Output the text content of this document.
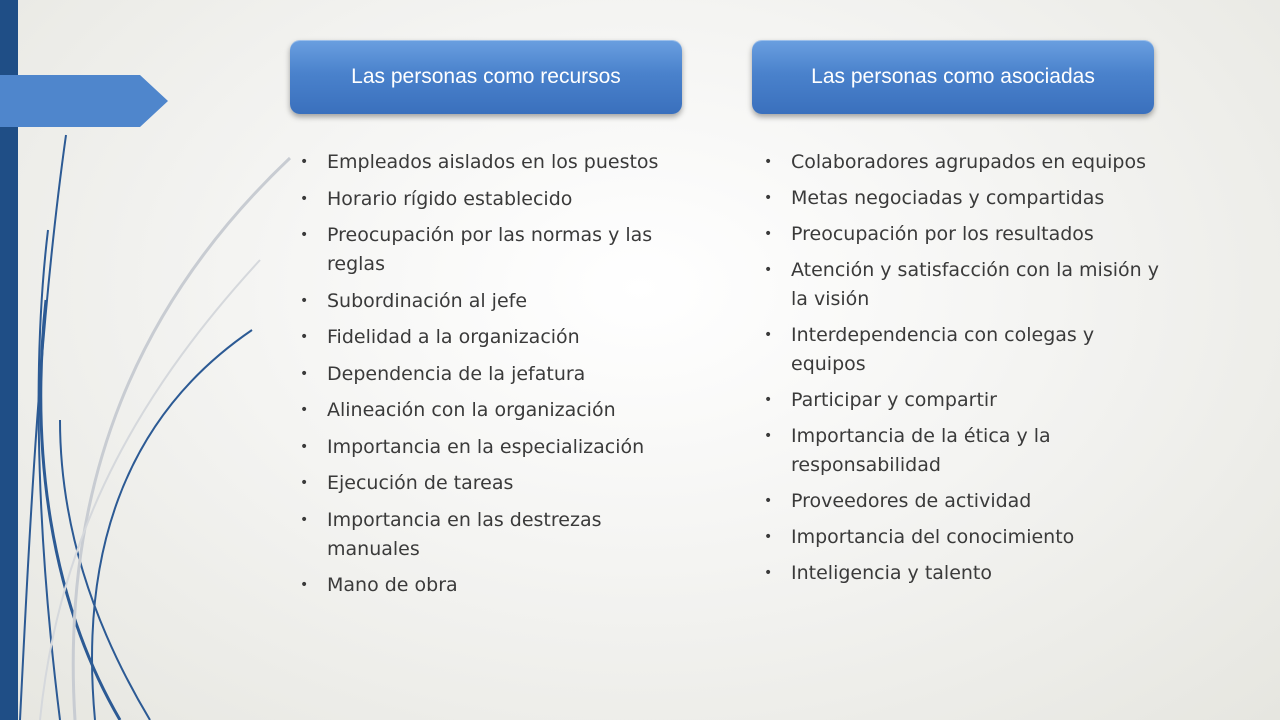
Las personas como recursos	Las personas como asociadas
• Empleados aislados en los puestos
• Horario rígido establecido
• Preocupación por las normas y las reglas
• Subordinación al jefe
• Fidelidad a la organización
• Dependencia de la jefatura
• Alineación con la organización
• Importancia en la especialización
• Ejecución de tareas
• Importancia en las destrezas manuales
• Mano de obra
• Colaboradores agrupados en equipos
• Metas negociadas y compartidas
• Preocupación por los resultados
• Atención y satisfacción con la misión y la visión
• Interdependencia con colegas y equipos
• Participar y compartir
• Importancia de la ética y la responsabilidad
• Proveedores de actividad
• Importancia del conocimiento
• Inteligencia y talento
